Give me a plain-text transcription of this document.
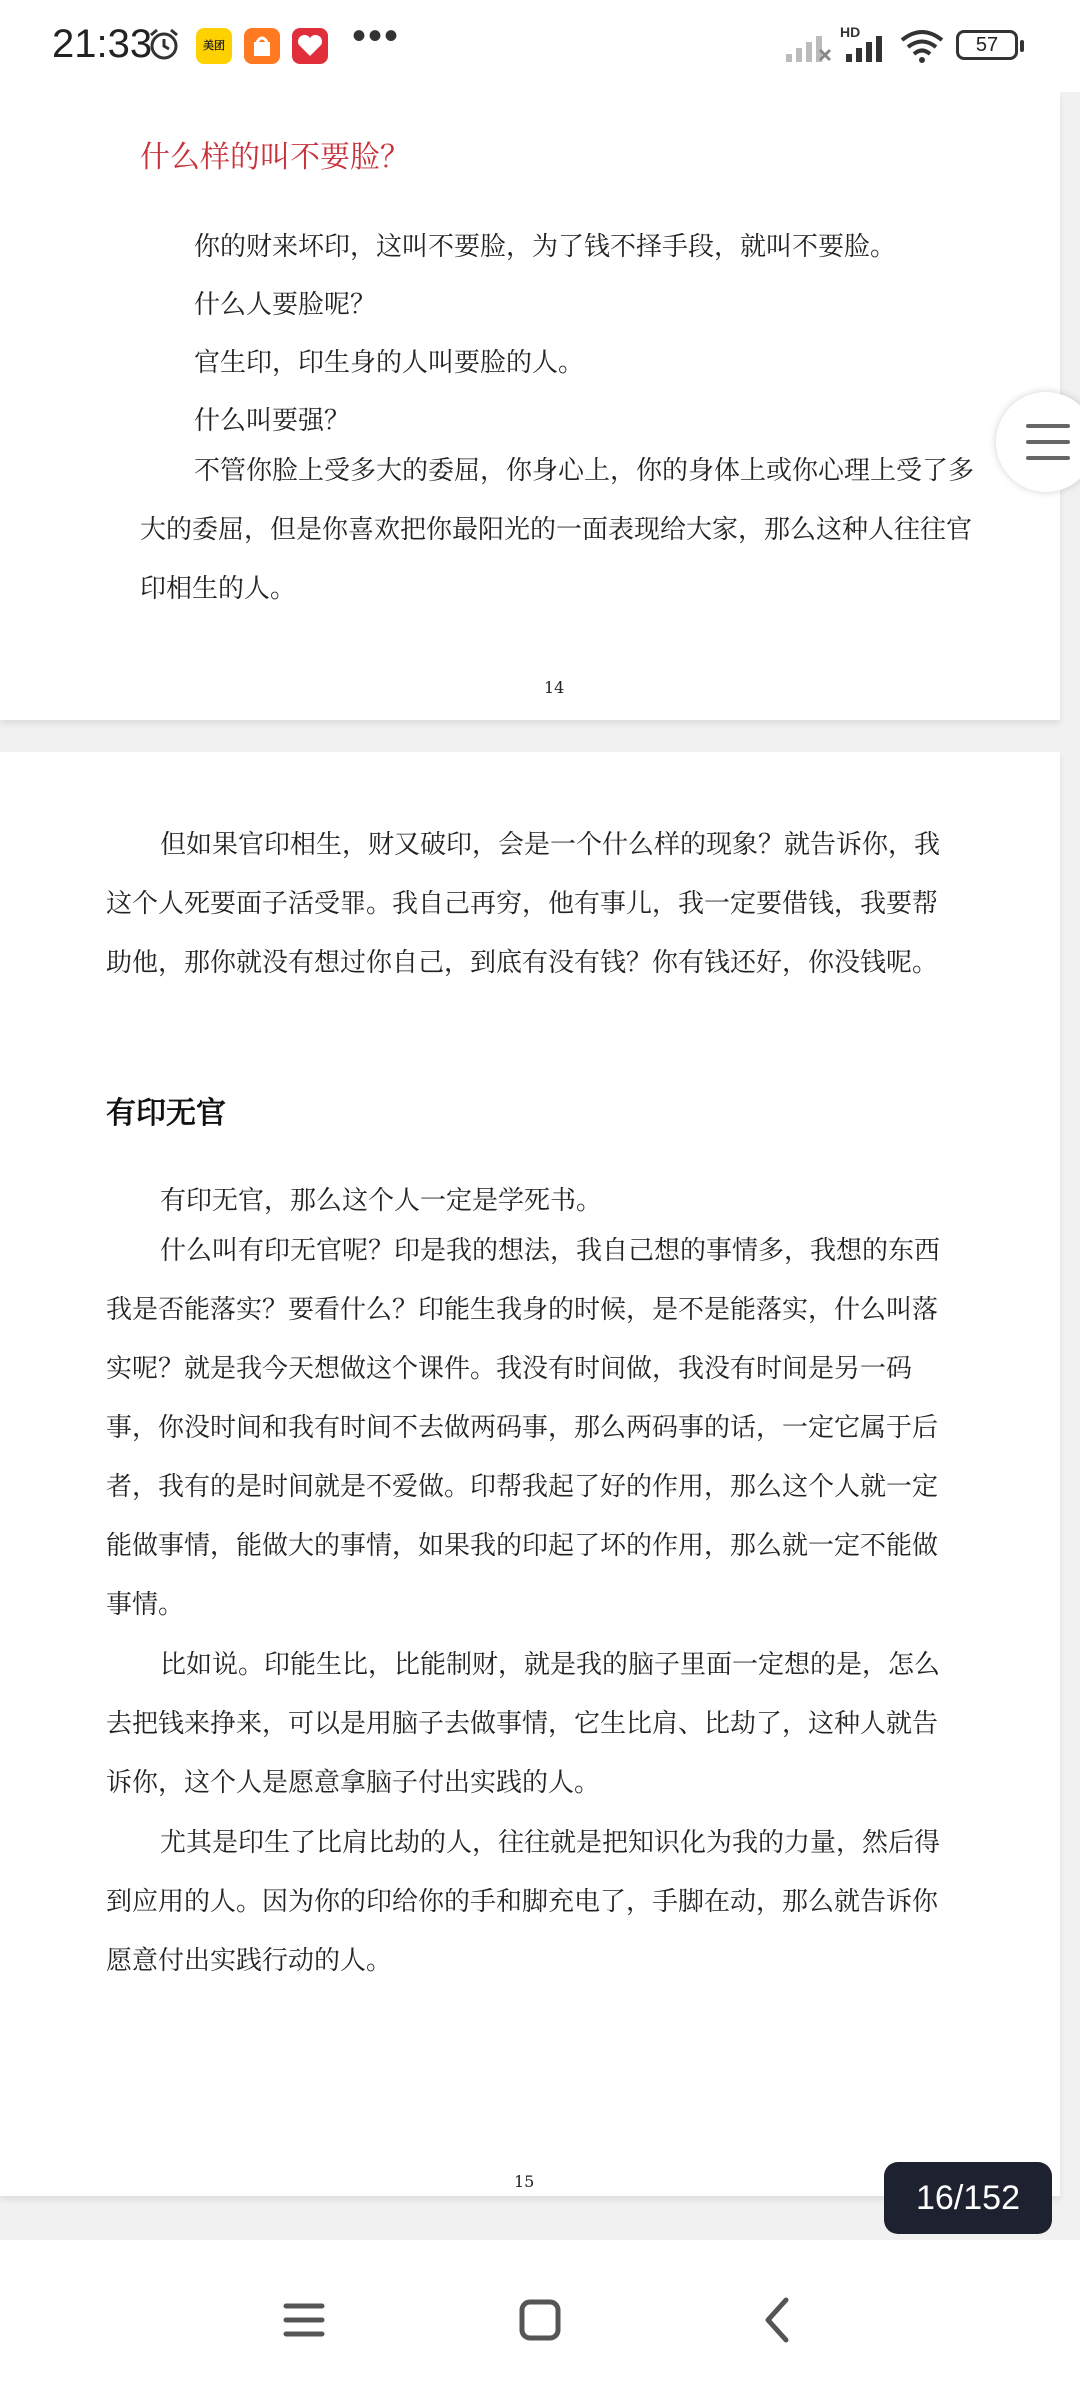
21:33	美团	•••	HD
57
什么样的叫不要脸？

你的财来坏印，这叫不要脸，为了钱不择手段，就叫不要脸。

什么人要脸呢？

官生印，印生身的人叫要脸的人。

什么叫要强？

不管你脸上受多大的委屈，你身心上，你的身体上或你心理上受了多大的委屈，但是你喜欢把你最阳光的一面表现给大家，那么这种人往往官印相生的人。

14

但如果官印相生，财又破印，会是一个什么样的现象？就告诉你，我这个人死要面子活受罪。我自己再穷，他有事儿，我一定要借钱，我要帮助他，那你就没有想过你自己，到底有没有钱？你有钱还好，你没钱呢。

有印无官

有印无官，那么这个人一定是学死书。

什么叫有印无官呢？印是我的想法，我自己想的事情多，我想的东西我是否能落实？要看什么？印能生我身的时候，是不是能落实，什么叫落实呢？就是我今天想做这个课件。我没有时间做，我没有时间是另一码事，你没时间和我有时间不去做两码事，那么两码事的话，一定它属于后者，我有的是时间就是不爱做。印帮我起了好的作用，那么这个人就一定能做事情，能做大的事情，如果我的印起了坏的作用，那么就一定不能做事情。

比如说。印能生比，比能制财，就是我的脑子里面一定想的是，怎么去把钱来挣来，可以是用脑子去做事情，它生比肩、比劫了，这种人就告诉你，这个人是愿意拿脑子付出实践的人。

尤其是印生了比肩比劫的人，往往就是把知识化为我的力量，然后得到应用的人。因为你的印给你的手和脚充电了，手脚在动，那么就告诉你愿意付出实践行动的人。

15	16/152
